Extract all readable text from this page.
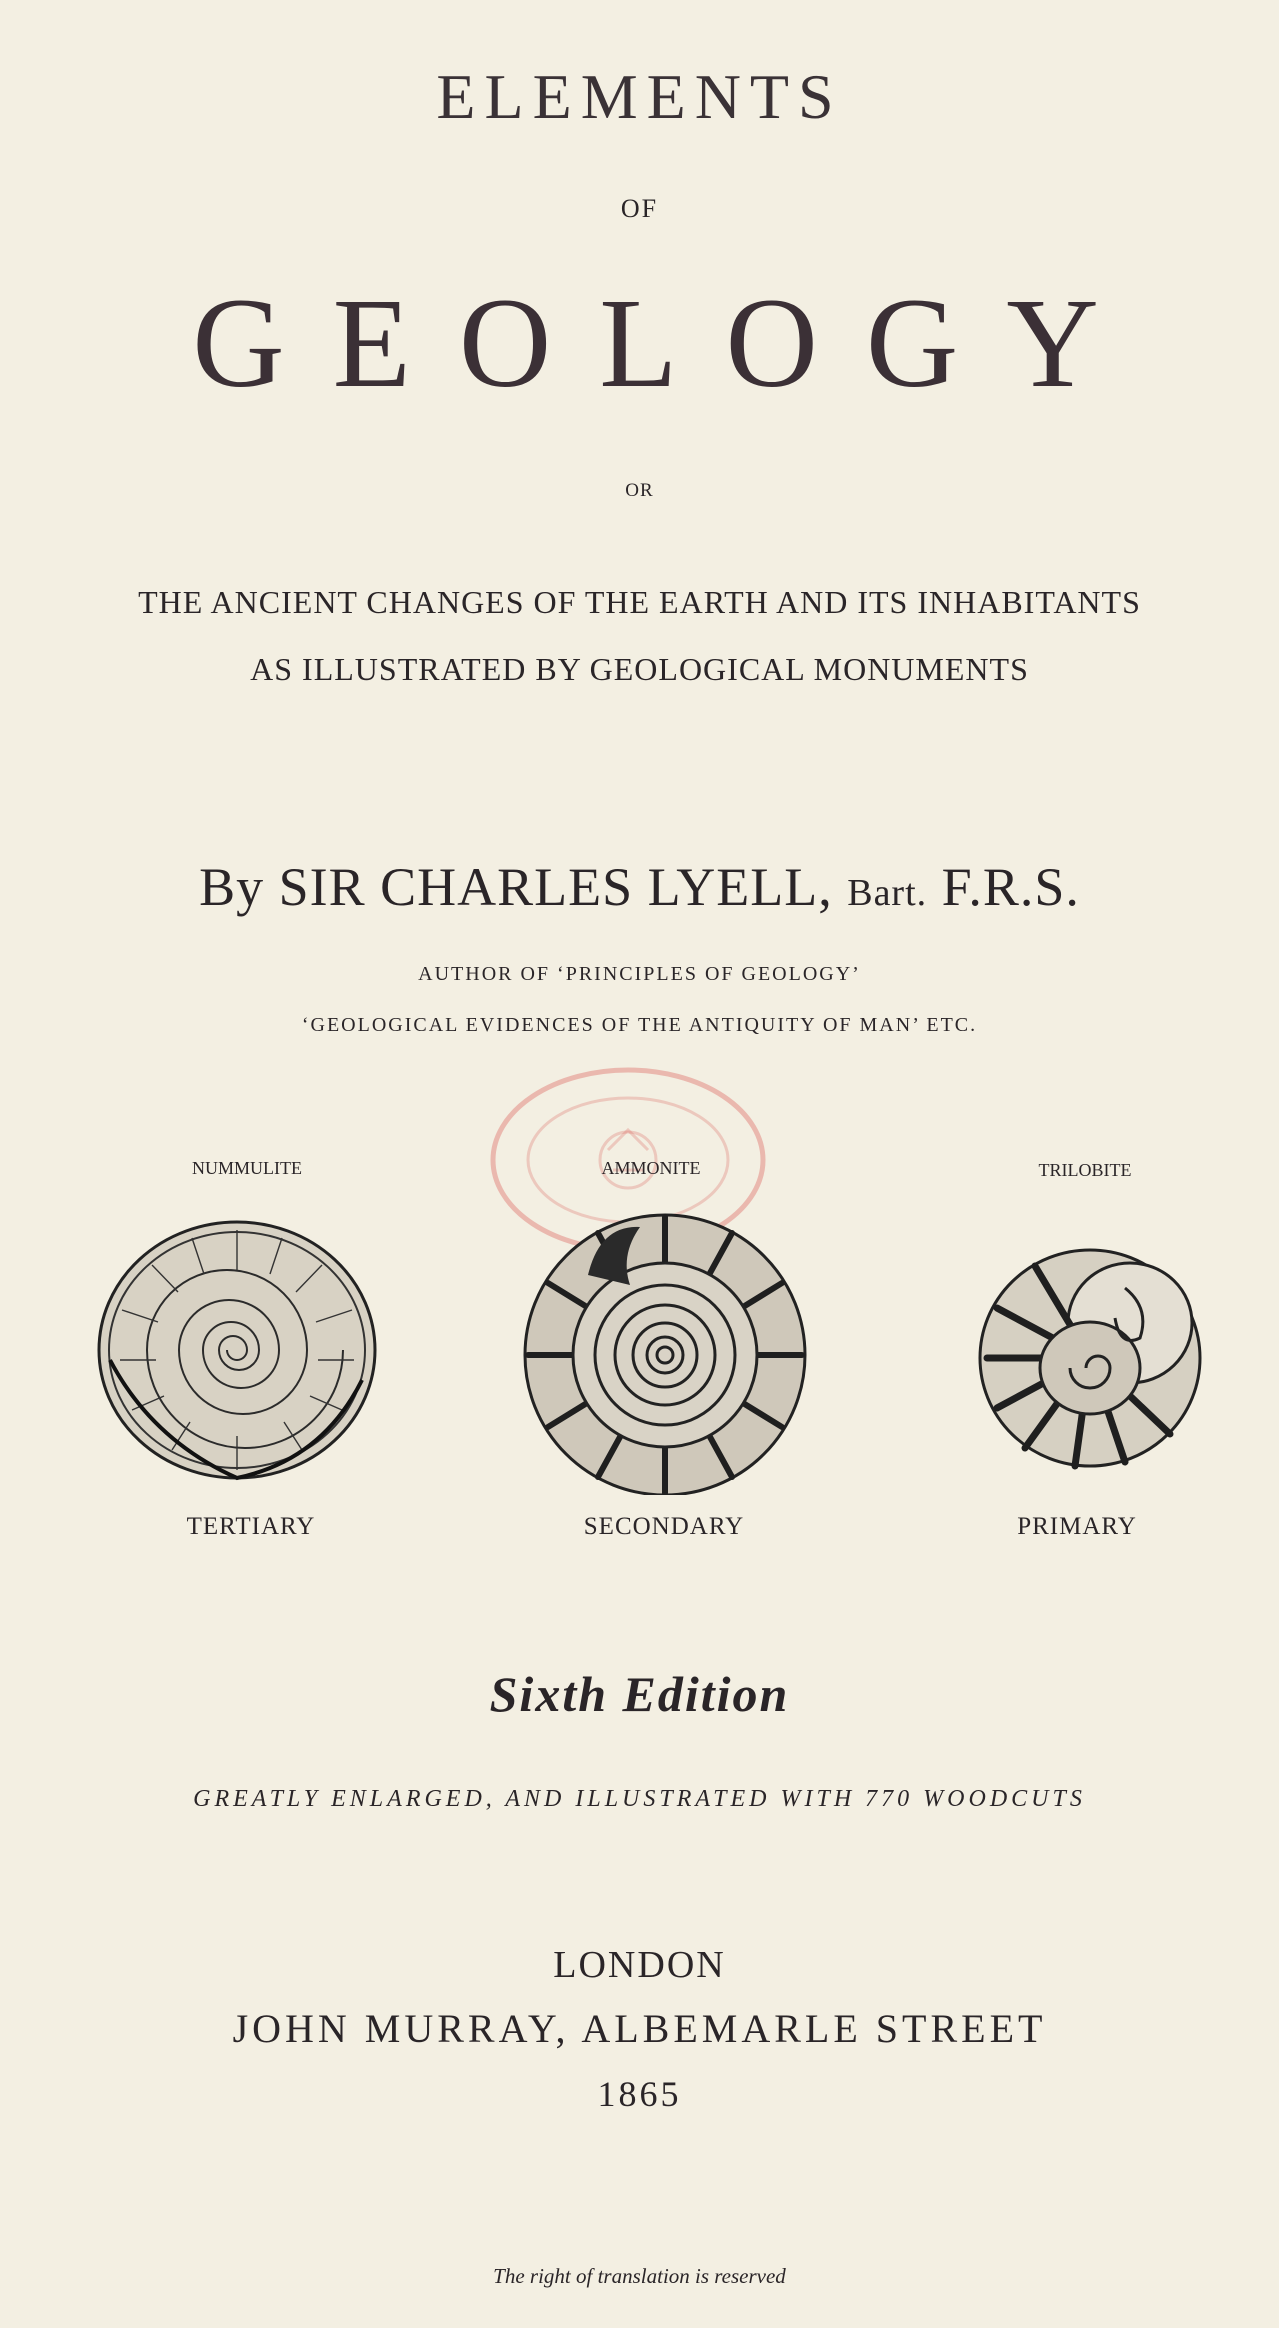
ELEMENTS
OF
GEOLOGY
OR
THE ANCIENT CHANGES OF THE EARTH AND ITS INHABITANTS
AS ILLUSTRATED BY GEOLOGICAL MONUMENTS
By SIR CHARLES LYELL, Bart. F.R.S.
AUTHOR OF ‘PRINCIPLES OF GEOLOGY’
‘GEOLOGICAL EVIDENCES OF THE ANTIQUITY OF MAN’ ETC.
NUMMULITE	AMMONITE	TRILOBITE
TERTIARY	SECONDARY	PRIMARY
Sixth Edition
GREATLY ENLARGED, AND ILLUSTRATED WITH 770 WOODCUTS
LONDON
JOHN MURRAY, ALBEMARLE STREET
1865
The right of translation is reserved
